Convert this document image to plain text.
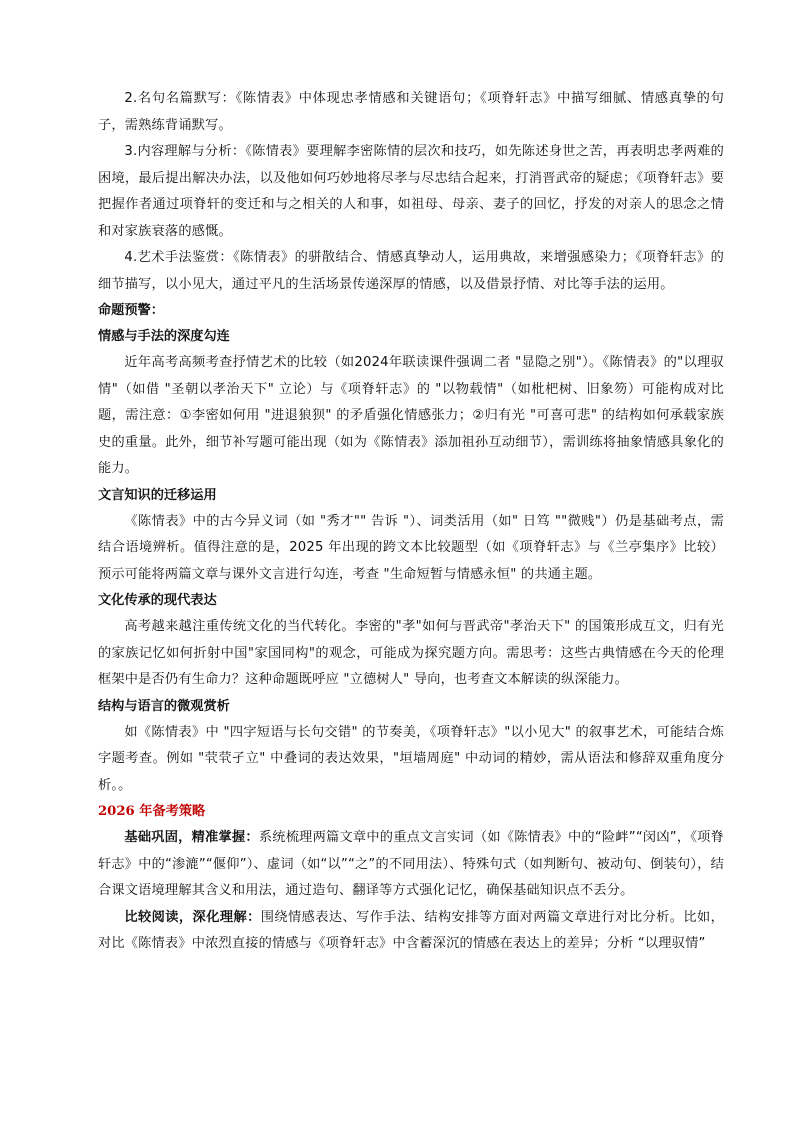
2.名句名篇默写：《陈情表》中体现忠孝情感和关键语句；《项脊轩志》中描写细腻、情感真挚的句子，需熟练背诵默写。

3.内容理解与分析：《陈情表》要理解李密陈情的层次和技巧，如先陈述身世之苦，再表明忠孝两难的困境，最后提出解决办法，以及他如何巧妙地将尽孝与尽忠结合起来，打消晋武帝的疑虑；《项脊轩志》要把握作者通过项脊轩的变迁和与之相关的人和事，如祖母、母亲、妻子的回忆，抒发的对亲人的思念之情和对家族衰落的感慨。

4.艺术手法鉴赏：《陈情表》的骈散结合、情感真挚动人，运用典故，来增强感染力；《项脊轩志》的细节描写，以小见大，通过平凡的生活场景传递深厚的情感，以及借景抒情、对比等手法的运用。

命题预警：

情感与手法的深度勾连

近年高考高频考查抒情艺术的比较（如2024年联读课件强调二者 "显隐之别"）。《陈情表》的"以理驭情"（如借 "圣朝以孝治天下" 立论）与《项脊轩志》的 "以物载情"（如枇杷树、旧象笏）可能构成对比题，需注意：①李密如何用 "进退狼狈" 的矛盾强化情感张力；②归有光 "可喜可悲" 的结构如何承载家族史的重量。此外，细节补写题可能出现（如为《陈情表》添加祖孙互动细节），需训练将抽象情感具象化的能力。

文言知识的迁移运用

《陈情表》中的古今异义词（如 "秀才"" 告诉 "）、词类活用（如" 日笃 ""微贱"）仍是基础考点，需结合语境辨析。值得注意的是，2025 年出现的跨文本比较题型（如《项脊轩志》与《兰亭集序》比较）预示可能将两篇文章与课外文言进行勾连，考查 "生命短暂与情感永恒" 的共通主题。

文化传承的现代表达

高考越来越注重传统文化的当代转化。李密的"孝"如何与晋武帝"孝治天下" 的国策形成互文，归有光的家族记忆如何折射中国"家国同构"的观念，可能成为探究题方向。需思考：这些古典情感在今天的伦理框架中是否仍有生命力？这种命题既呼应 "立德树人" 导向，也考查文本解读的纵深能力。

结构与语言的微观赏析

如《陈情表》中 "四字短语与长句交错" 的节奏美，《项脊轩志》"以小见大" 的叙事艺术，可能结合炼字题考查。例如 "茕茕孑立" 中叠词的表达效果，"垣墙周庭" 中动词的精妙，需从语法和修辞双重角度分析。。

2026 年备考策略

基础巩固，精准掌握：系统梳理两篇文章中的重点文言实词（如《陈情表》中的“险衅”“闵凶”，《项脊轩志》中的“渗漉”“偃仰”）、虚词（如“以”“之”的不同用法）、特殊句式（如判断句、被动句、倒装句），结合课文语境理解其含义和用法，通过造句、翻译等方式强化记忆，确保基础知识点不丢分。

比较阅读，深化理解：围绕情感表达、写作手法、结构安排等方面对两篇文章进行对比分析。比如，对比《陈情表》中浓烈直接的情感与《项脊轩志》中含蓄深沉的情感在表达上的差异；分析 “以理驭情”
